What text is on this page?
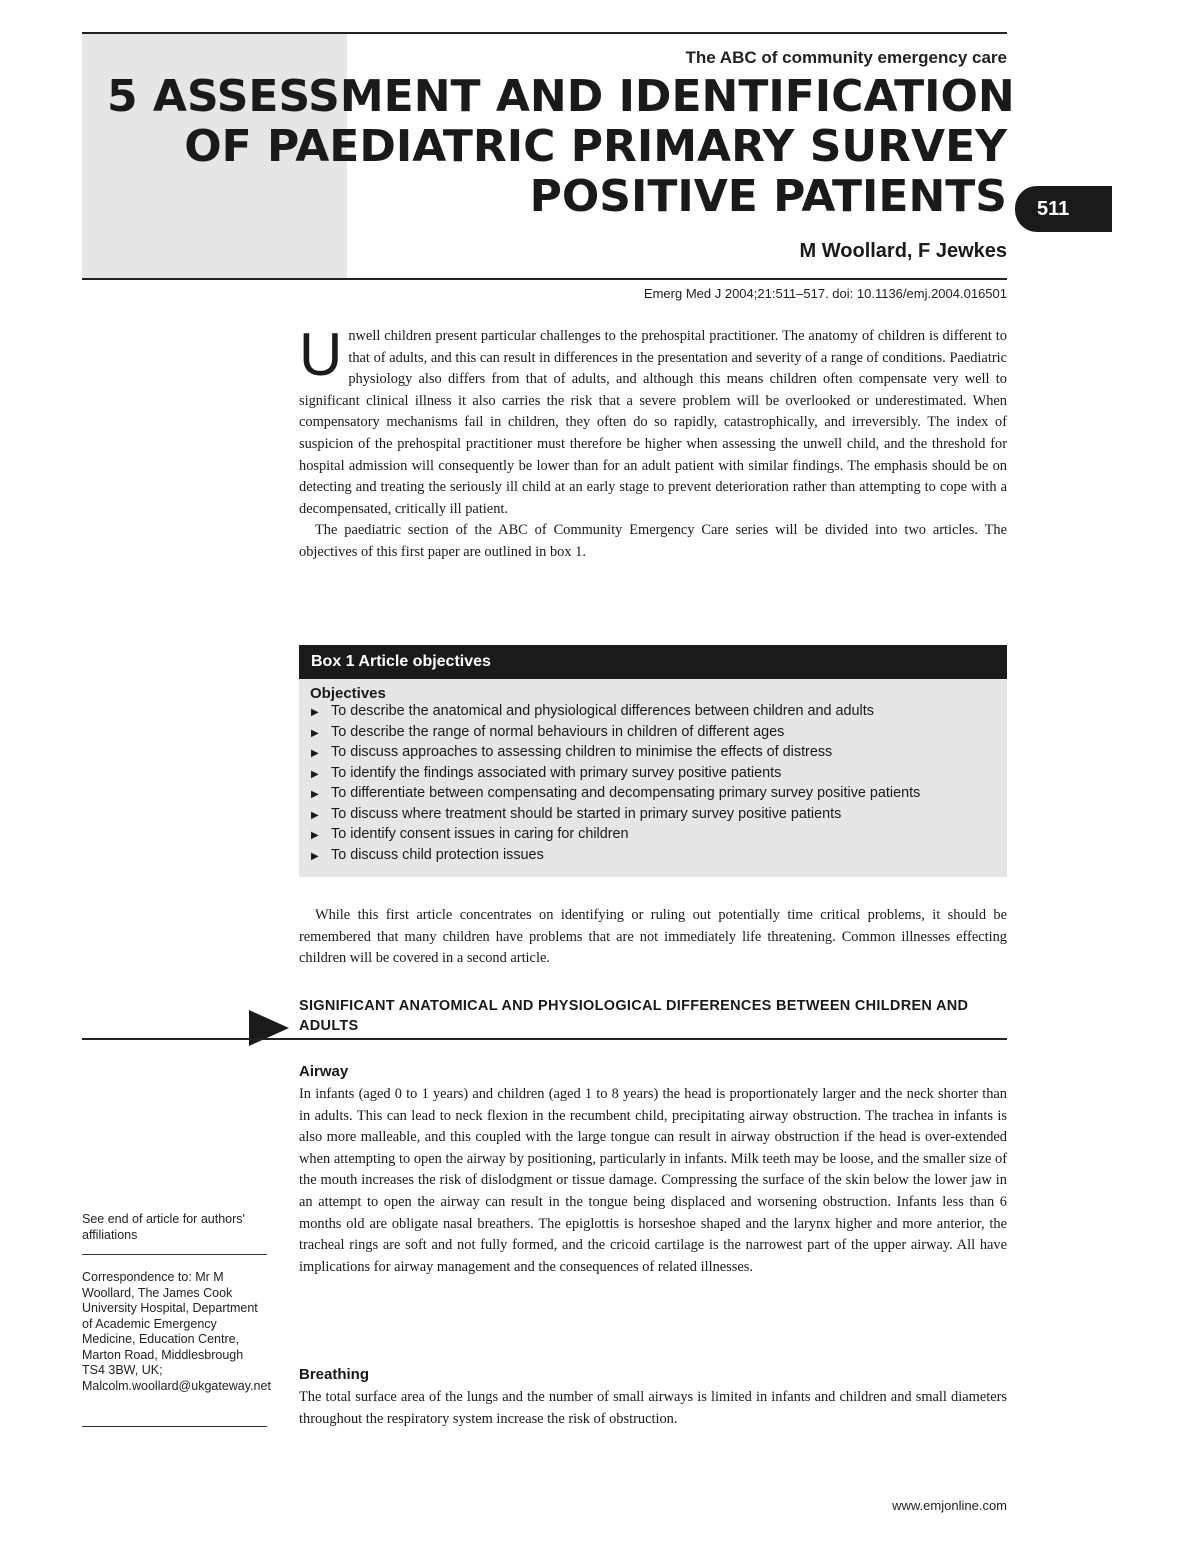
The ABC of community emergency care
5 ASSESSMENT AND IDENTIFICATION
OF PAEDIATRIC PRIMARY SURVEY
POSITIVE PATIENTS	511
M Woollard, F Jewkes
Emerg Med J 2004;21:511–517. doi: 10.1136/emj.2004.016501

Unwell children present particular challenges to the prehospital practitioner. The anatomy of children is different to that of adults, and this can result in differences in the presentation and severity of a range of conditions. Paediatric physiology also differs from that of adults, and although this means children often compensate very well to significant clinical illness it also carries the risk that a severe problem will be overlooked or underestimated. When compensatory mechanisms fail in children, they often do so rapidly, catastrophically, and irreversibly. The index of suspicion of the prehospital practitioner must therefore be higher when assessing the unwell child, and the threshold for hospital admission will consequently be lower than for an adult patient with similar findings. The emphasis should be on detecting and treating the seriously ill child at an early stage to prevent deterioration rather than attempting to cope with a decompensated, critically ill patient.

The paediatric section of the ABC of Community Emergency Care series will be divided into two articles. The objectives of this first paper are outlined in box 1.

Box 1 Article objectives
Objectives
▶ To describe the anatomical and physiological differences between children and adults
▶ To describe the range of normal behaviours in children of different ages
▶ To discuss approaches to assessing children to minimise the effects of distress
▶ To identify the findings associated with primary survey positive patients
▶ To differentiate between compensating and decompensating primary survey positive patients
▶ To discuss where treatment should be started in primary survey positive patients
▶ To identify consent issues in caring for children
▶ To discuss child protection issues

While this first article concentrates on identifying or ruling out potentially time critical problems, it should be remembered that many children have problems that are not immediately life threatening. Common illnesses effecting children will be covered in a second article.

SIGNIFICANT ANATOMICAL AND PHYSIOLOGICAL DIFFERENCES BETWEEN CHILDREN AND ADULTS
Airway

In infants (aged 0 to 1 years) and children (aged 1 to 8 years) the head is proportionately larger and the neck shorter than in adults. This can lead to neck flexion in the recumbent child, precipitating airway obstruction. The trachea in infants is also more malleable, and this coupled with the large tongue can result in airway obstruction if the head is over-extended when attempting to open the airway by positioning, particularly in infants. Milk teeth may be loose, and the smaller size of the mouth increases the risk of dislodgment or tissue damage. Compressing the surface of the skin below the lower jaw in an attempt to open the airway can result in the tongue being displaced and worsening obstruction. Infants less than 6 months old are obligate nasal breathers. The epiglottis is horseshoe shaped and the larynx higher and more anterior, the tracheal rings are soft and not fully formed, and the cricoid cartilage is the narrowest part of the upper airway. All have implications for airway management and the consequences of related illnesses.

Breathing

The total surface area of the lungs and the number of small airways is limited in infants and children and small diameters throughout the respiratory system increase the risk of obstruction.

See end of article for authors' affiliations
Correspondence to: Mr M Woollard, The James Cook University Hospital, Department of Academic Emergency Medicine, Education Centre, Marton Road, Middlesbrough TS4 3BW, UK; Malcolm.woollard@ukgateway.net
www.emjonline.com
